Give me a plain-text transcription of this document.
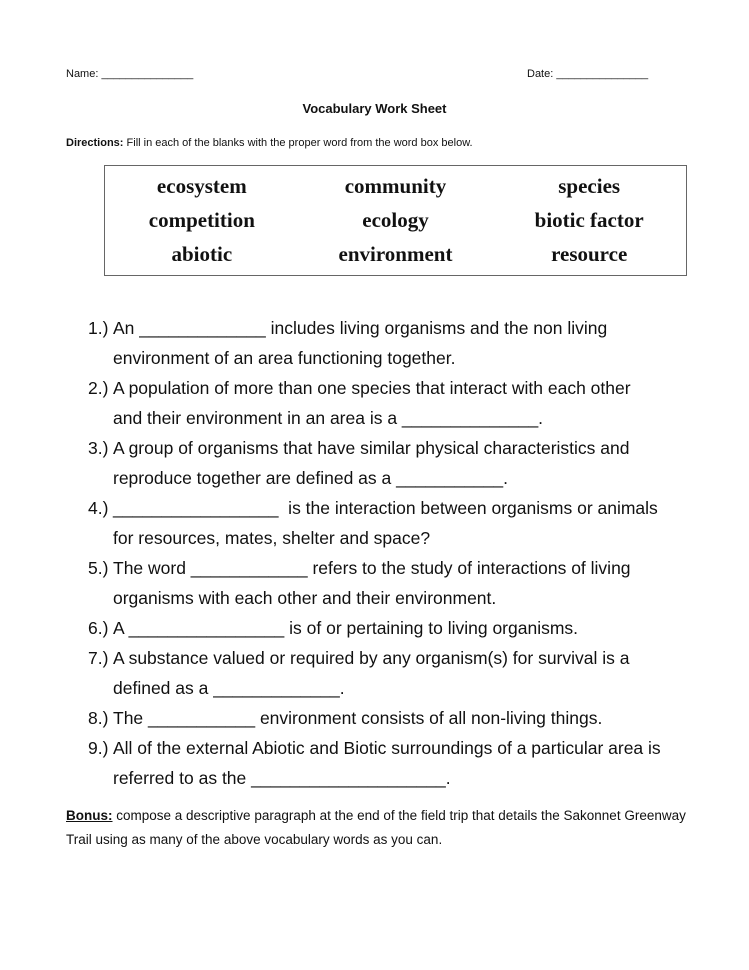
Name: _______________	Date: _______________
Vocabulary Work Sheet
Directions: Fill in each of the blanks with the proper word from the word box below.
ecosystem	community	species
competition	ecology	biotic factor
abiotic	environment	resource
1.) An _____________ includes living organisms and the non living
environment of an area functioning together.
2.) A population of more than one species that interact with each other
and their environment in an area is a ______________.
3.) A group of organisms that have similar physical characteristics and
reproduce together are defined as a ___________.
4.) _________________  is the interaction between organisms or animals
for resources, mates, shelter and space?
5.) The word ____________ refers to the study of interactions of living
organisms with each other and their environment.
6.) A ________________ is of or pertaining to living organisms.
7.) A substance valued or required by any organism(s) for survival is a
defined as a _____________.
8.) The ___________ environment consists of all non-living things.
9.) All of the external Abiotic and Biotic surroundings of a particular area is
referred to as the ____________________.
Bonus: compose a descriptive paragraph at the end of the field trip that details the Sakonnet Greenway Trail using as many of the above vocabulary words as you can.
